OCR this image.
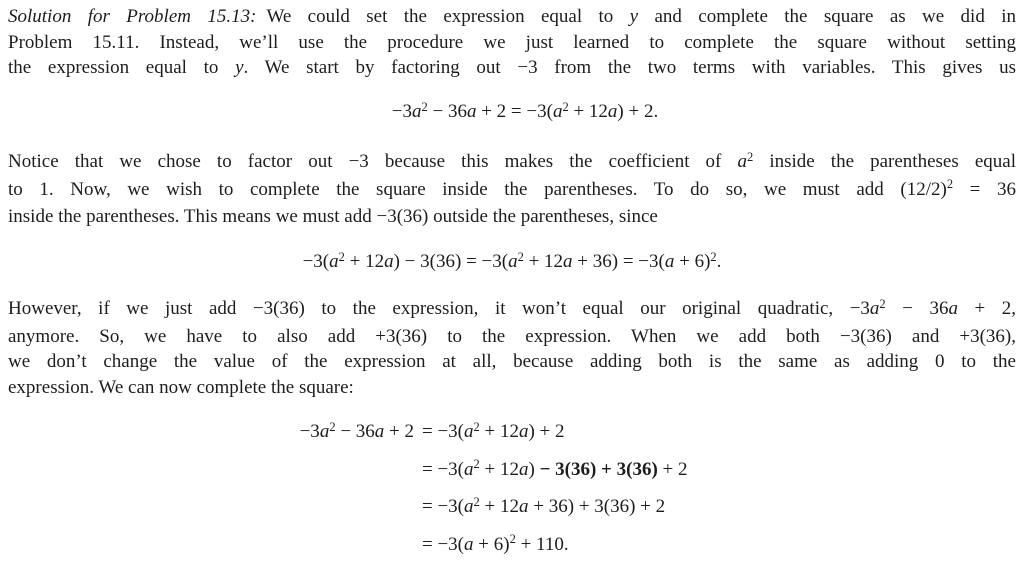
Solution for Problem 15.13: We could set the expression equal to y and complete the square as we did in
Problem 15.11. Instead, we’ll use the procedure we just learned to complete the square without setting
the expression equal to y. We start by factoring out −3 from the two terms with variables. This gives us
$-3a^2 - 36a + 2 = -3(a^2 + 12a) + 2$.
Notice that we chose to factor out −3 because this makes the coefficient of $a^2$ inside the parentheses equal
to 1. Now, we wish to complete the square inside the parentheses. To do so, we must add $(12/2)^2 = 36$
inside the parentheses. This means we must add −3(36) outside the parentheses, since
$-3(a^2 + 12a) - 3(36) = -3(a^2 + 12a + 36) = -3(a + 6)^2$.
However, if we just add −3(36) to the expression, it won’t equal our original quadratic, $-3a^2 - 36a + 2$,
anymore. So, we have to also add +3(36) to the expression. When we add both −3(36) and +3(36),
we don’t change the value of the expression at all, because adding both is the same as adding 0 to the
expression. We can now complete the square:
$-3a^2 - 36a + 2 = -3(a^2 + 12a) + 2$
= $-3(a^2 + 12a) - 3(36) + 3(36) + 2$
= $-3(a^2 + 12a + 36) + 3(36) + 2$
= $-3(a + 6)^2 + 110$.
